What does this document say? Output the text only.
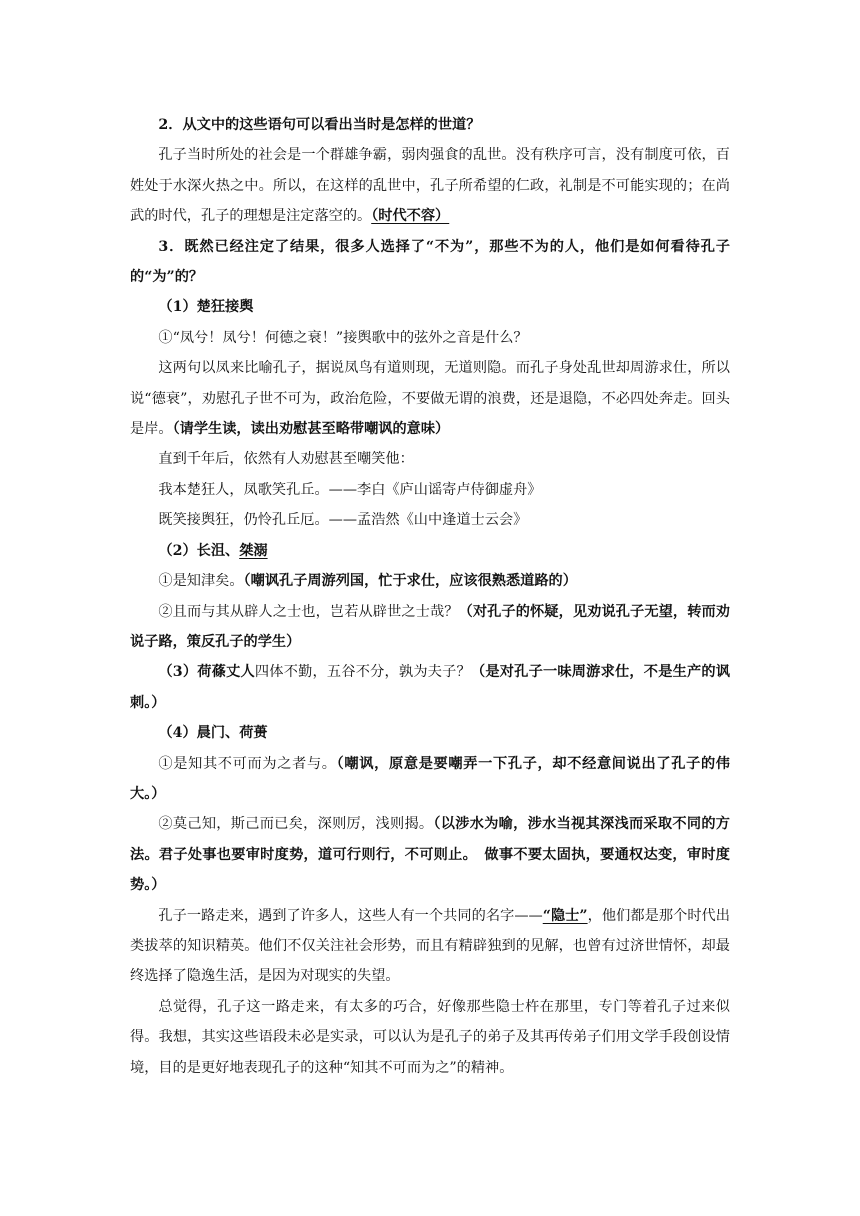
2．从文中的这些语句可以看出当时是怎样的世道？

孔子当时所处的社会是一个群雄争霸，弱肉强食的乱世。没有秩序可言，没有制度可依，百姓处于水深火热之中。所以，在这样的乱世中，孔子所希望的仁政，礼制是不可能实现的；在尚武的时代，孔子的理想是注定落空的。（时代不容）

3．既然已经注定了结果，很多人选择了“不为”，那些不为的人，他们是如何看待孔子的“为”的？

（1）楚狂接舆

①“凤兮！凤兮！何德之衰！”接舆歌中的弦外之音是什么？

这两句以凤来比喻孔子，据说凤鸟有道则现，无道则隐。而孔子身处乱世却周游求仕，所以说“德衰”，劝慰孔子世不可为，政治危险，不要做无谓的浪费，还是退隐，不必四处奔走。回头是岸。（请学生读，读出劝慰甚至略带嘲讽的意味）

直到千年后，依然有人劝慰甚至嘲笑他：

我本楚狂人，凤歌笑孔丘。——李白《庐山谣寄卢侍御虚舟》

既笑接舆狂，仍怜孔丘厄。——孟浩然《山中逢道士云会》

（2）长沮、桀溺

①是知津矣。（嘲讽孔子周游列国，忙于求仕，应该很熟悉道路的）

②且而与其从辟人之士也，岂若从辟世之士哉？（对孔子的怀疑，见劝说孔子无望，转而劝说子路，策反孔子的学生）

（3）荷蓧丈人四体不勤，五谷不分，孰为夫子？（是对孔子一味周游求仕，不是生产的讽刺。）

（4）晨门、荷蒉

①是知其不可而为之者与。（嘲讽，原意是要嘲弄一下孔子，却不经意间说出了孔子的伟大。）

②莫己知，斯己而已矣，深则厉，浅则揭。（以涉水为喻，涉水当视其深浅而采取不同的方法。君子处事也要审时度势，道可行则行，不可则止。　做事不要太固执，要通权达变，审时度势。）

孔子一路走来，遇到了许多人，这些人有一个共同的名字——“隐士”，他们都是那个时代出类拔萃的知识精英。他们不仅关注社会形势，而且有精辟独到的见解，也曾有过济世情怀，却最终选择了隐逸生活，是因为对现实的失望。

总觉得，孔子这一路走来，有太多的巧合，好像那些隐士杵在那里，专门等着孔子过来似得。我想，其实这些语段未必是实录，可以认为是孔子的弟子及其再传弟子们用文学手段创设情境，目的是更好地表现孔子的这种“知其不可而为之”的精神。
